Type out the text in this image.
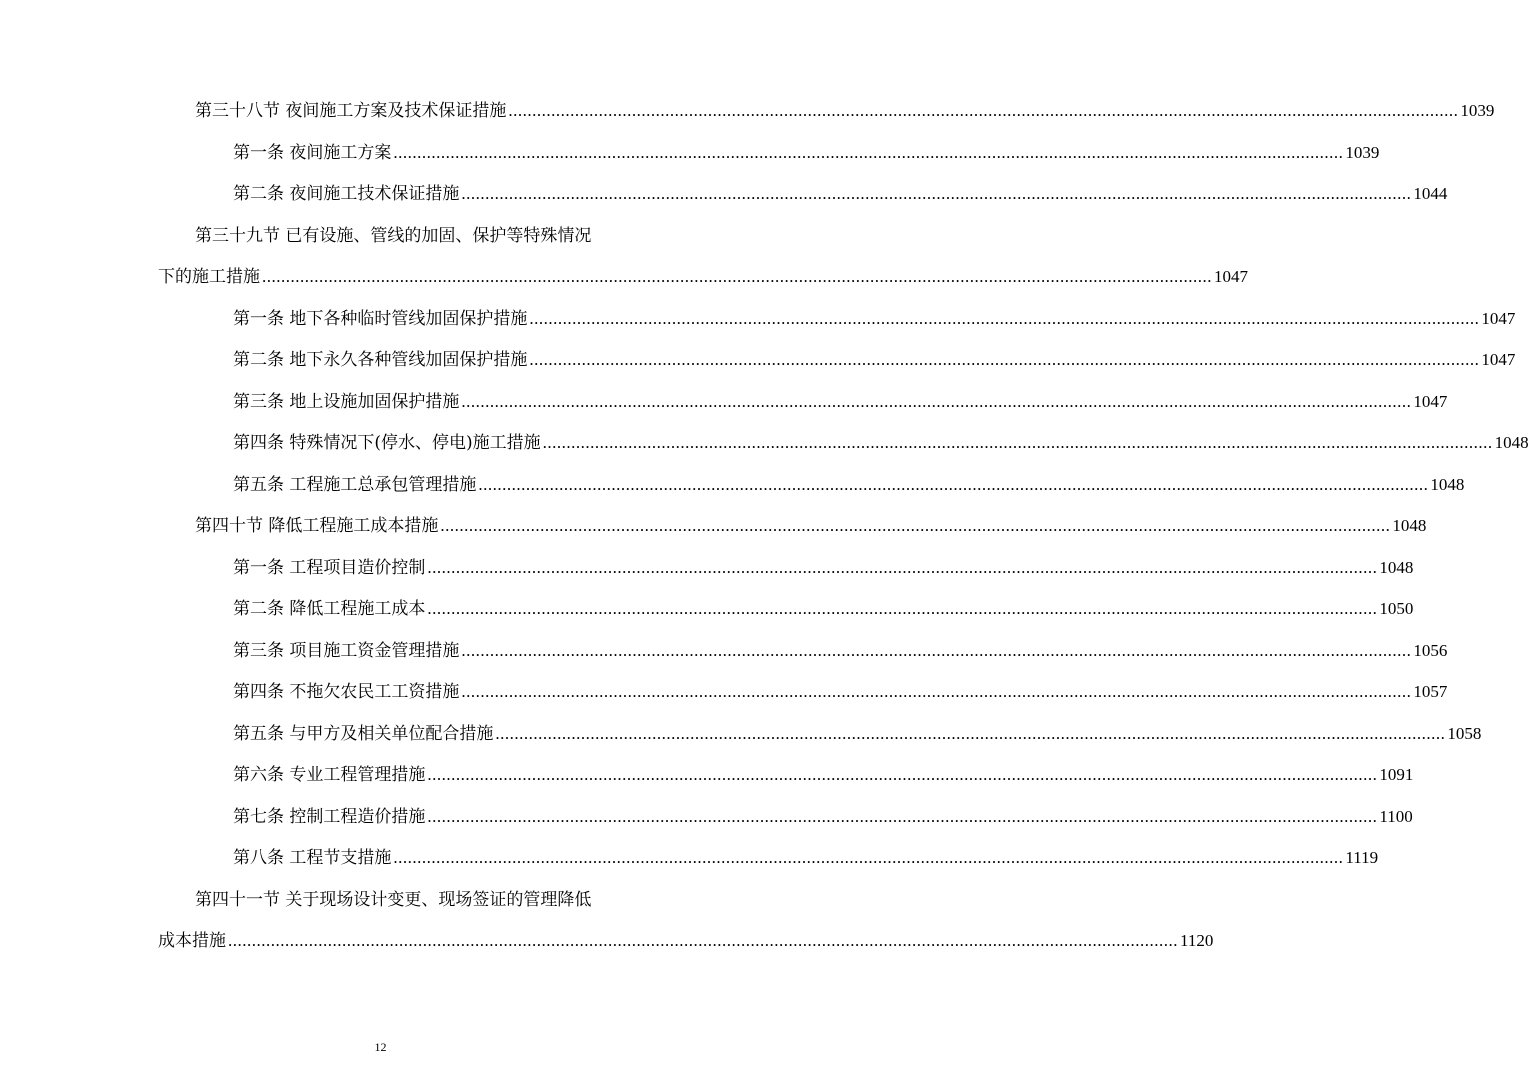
第三十八节 夜间施工方案及技术保证措施 ........................................................................................................................................................................................................ 1039
第一条 夜间施工方案 ........................................................................................................................................................................................................ 1039
第二条 夜间施工技术保证措施 ........................................................................................................................................................................................................ 1044
第三十九节 已有设施、管线的加固、保护等特殊情况
下的施工措施 ........................................................................................................................................................................................................ 1047
第一条 地下各种临时管线加固保护措施 ........................................................................................................................................................................................................ 1047
第二条 地下永久各种管线加固保护措施 ........................................................................................................................................................................................................ 1047
第三条 地上设施加固保护措施 ........................................................................................................................................................................................................ 1047
第四条 特殊情况下(停水、停电)施工措施 ........................................................................................................................................................................................................ 1048
第五条 工程施工总承包管理措施 ........................................................................................................................................................................................................ 1048
第四十节 降低工程施工成本措施 ........................................................................................................................................................................................................ 1048
第一条 工程项目造价控制 ........................................................................................................................................................................................................ 1048
第二条 降低工程施工成本 ........................................................................................................................................................................................................ 1050
第三条 项目施工资金管理措施 ........................................................................................................................................................................................................ 1056
第四条 不拖欠农民工工资措施 ........................................................................................................................................................................................................ 1057
第五条 与甲方及相关单位配合措施 ........................................................................................................................................................................................................ 1058
第六条 专业工程管理措施 ........................................................................................................................................................................................................ 1091
第七条 控制工程造价措施 ........................................................................................................................................................................................................ 1100
第八条 工程节支措施 ........................................................................................................................................................................................................ 1119
第四十一节 关于现场设计变更、现场签证的管理降低
成本措施 ........................................................................................................................................................................................................ 1120
12
